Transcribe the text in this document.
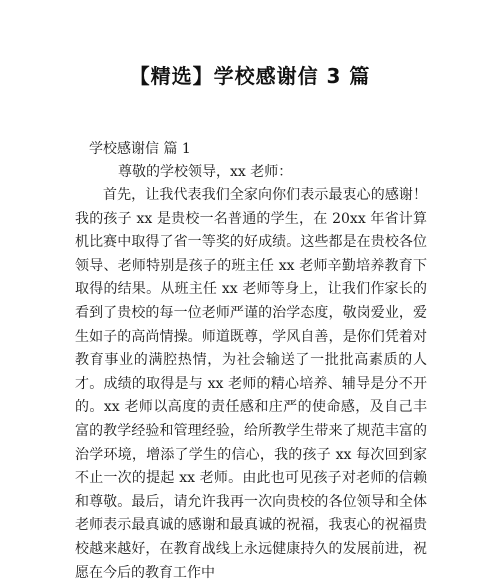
【精选】学校感谢信 3 篇

学校感谢信 篇 1

尊敬的学校领导，xx 老师：

首先，让我代表我们全家向你们表示最衷心的感谢！我的孩子 xx 是贵校一名普通的学生，在 20xx 年省计算机比赛中取得了省一等奖的好成绩。这些都是在贵校各位领导、老师特别是孩子的班主任 xx 老师辛勤培养教育下取得的结果。从班主任 xx 老师等身上，让我们作家长的看到了贵校的每一位老师严谨的治学态度，敬岗爱业，爱生如子的高尚情操。师道既尊，学风自善，是你们凭着对教育事业的满腔热情，为社会输送了一批批高素质的人才。成绩的取得是与 xx 老师的精心培养、辅导是分不开的。xx 老师以高度的责任感和庄严的使命感，及自己丰富的教学经验和管理经验，给所教学生带来了规范丰富的治学环境，增添了学生的信心，我的孩子 xx 每次回到家不止一次的提起 xx 老师。由此也可见孩子对老师的信赖和尊敬。最后，请允许我再一次向贵校的各位领导和全体老师表示最真诚的感谢和最真诚的祝福，我衷心的祝福贵校越来越好，在教育战线上永远健康持久的发展前进，祝愿在今后的教育工作中
